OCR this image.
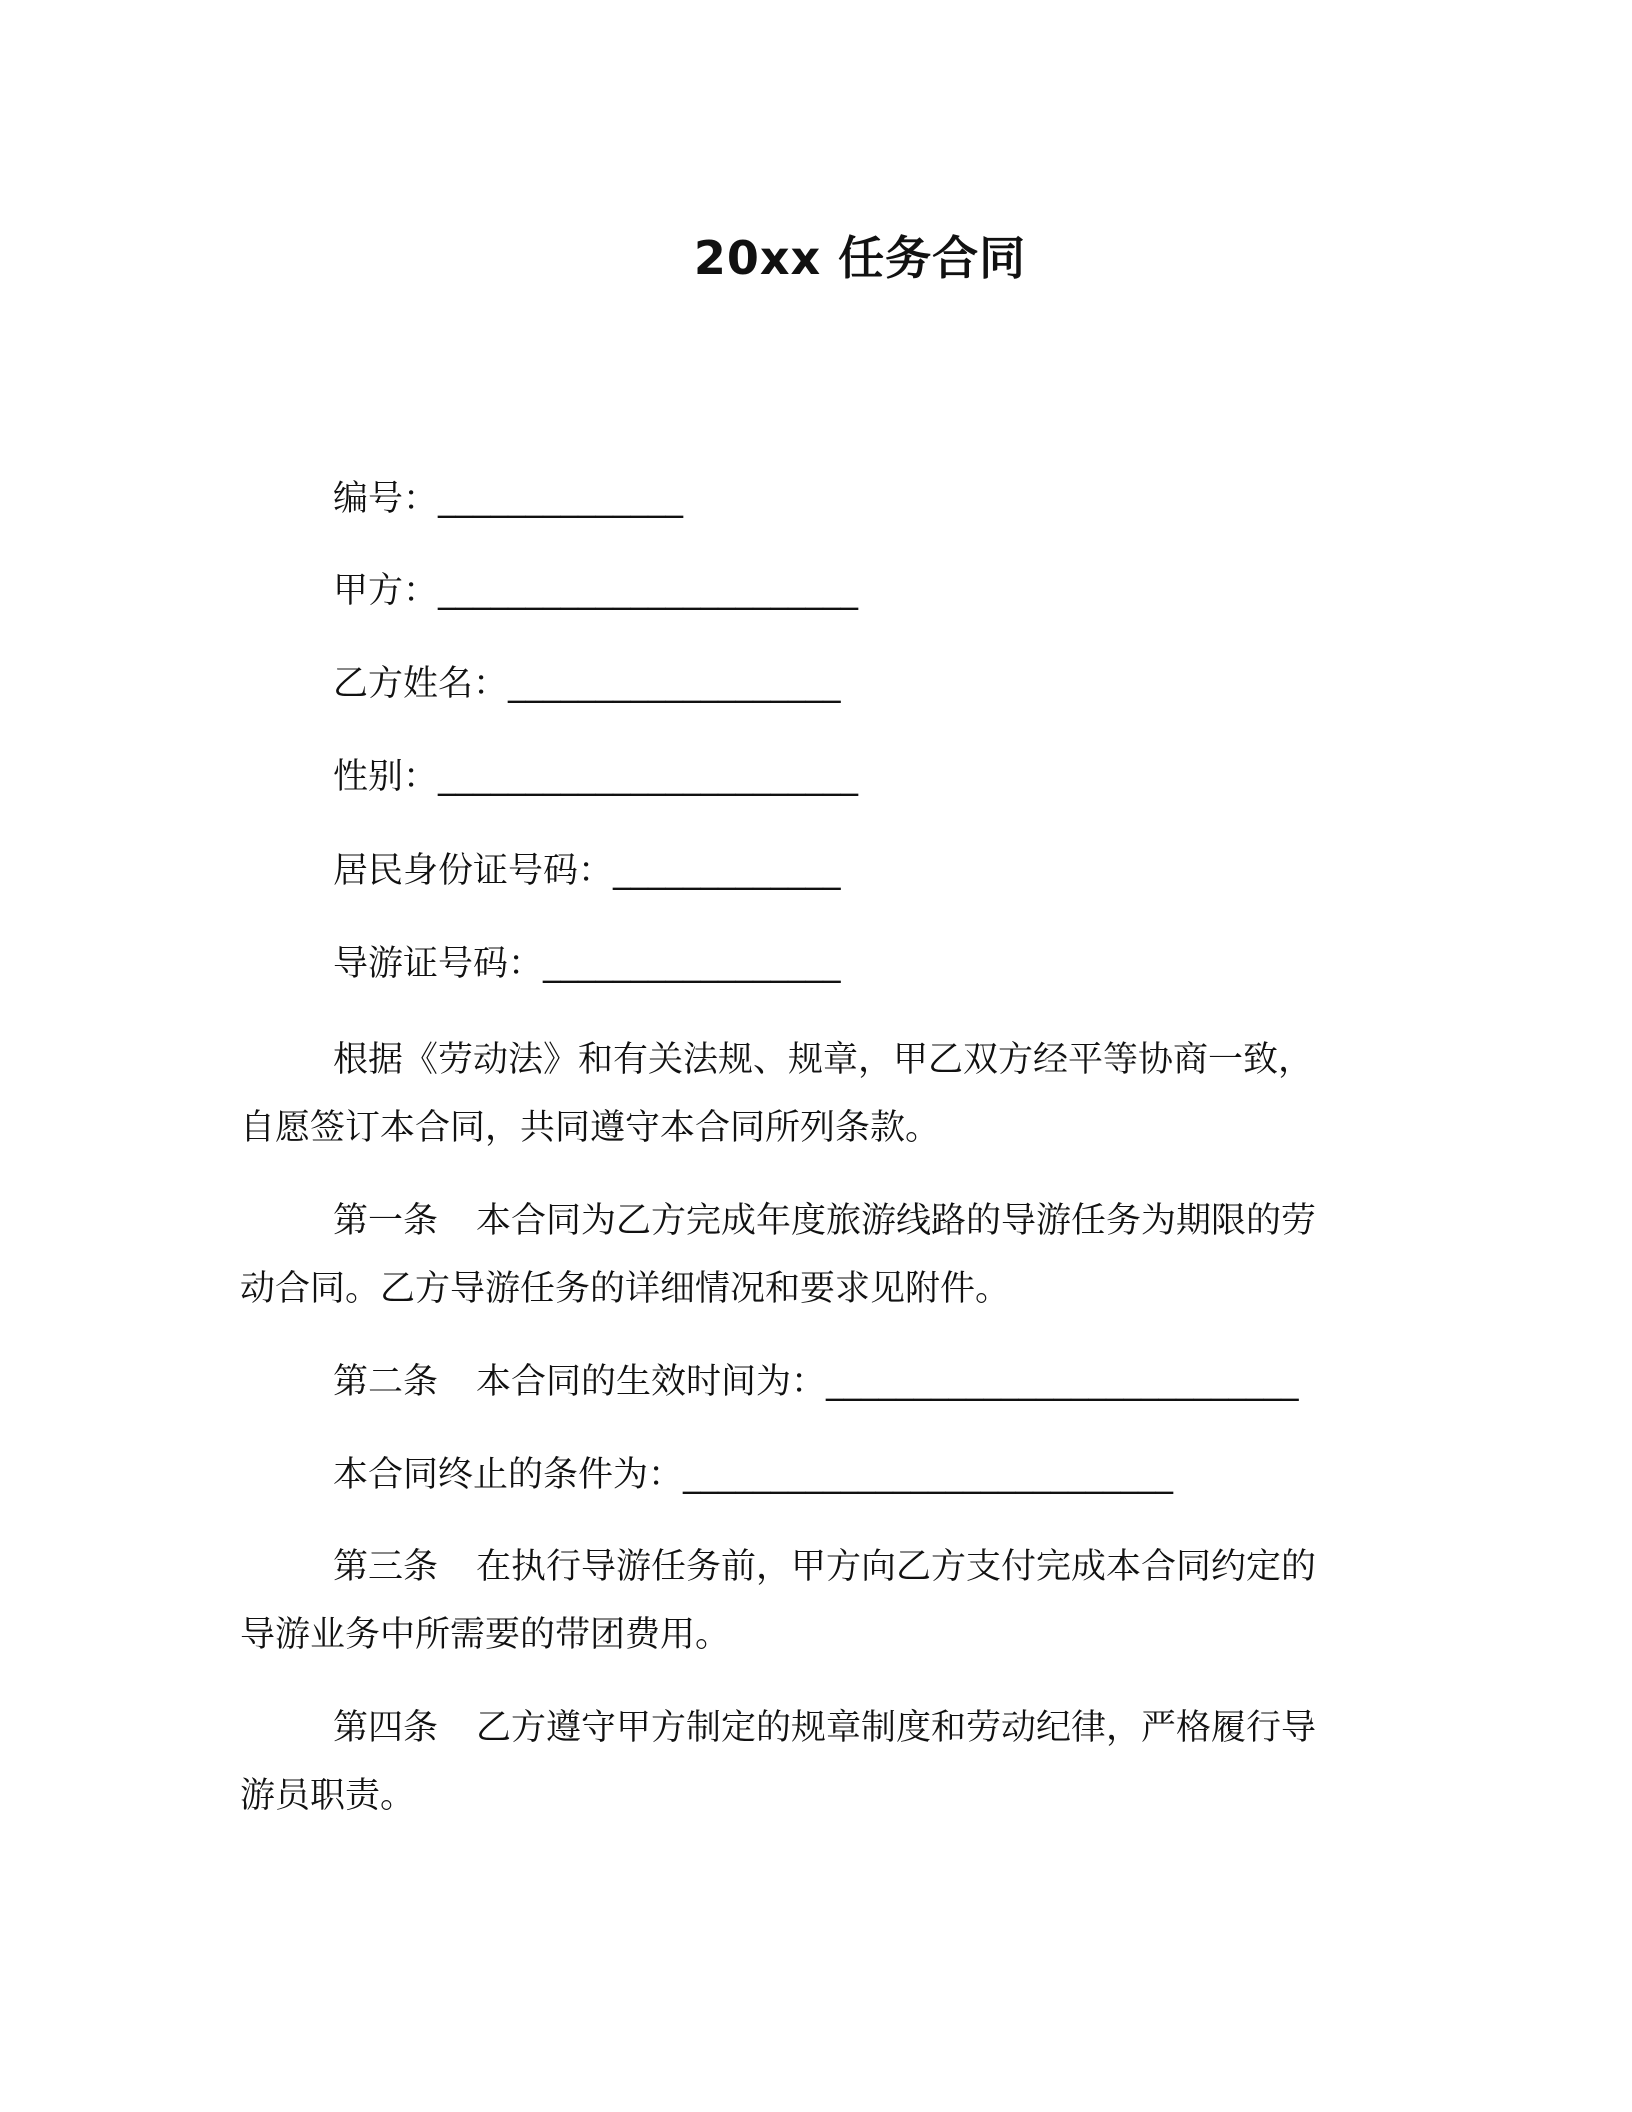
20xx 任务合同
编号：______________
甲方：________________________
乙方姓名：___________________
性别：________________________
居民身份证号码：_____________
导游证号码：_________________
根据《劳动法》和有关法规、规章，甲乙双方经平等协商一致，
自愿签订本合同，共同遵守本合同所列条款。
第一条 本合同为乙方完成年度旅游线路的导游任务为期限的劳
动合同。乙方导游任务的详细情况和要求见附件。
第二条 本合同的生效时间为：___________________________
本合同终止的条件为：____________________________
第三条 在执行导游任务前，甲方向乙方支付完成本合同约定的
导游业务中所需要的带团费用。
第四条 乙方遵守甲方制定的规章制度和劳动纪律，严格履行导
游员职责。
